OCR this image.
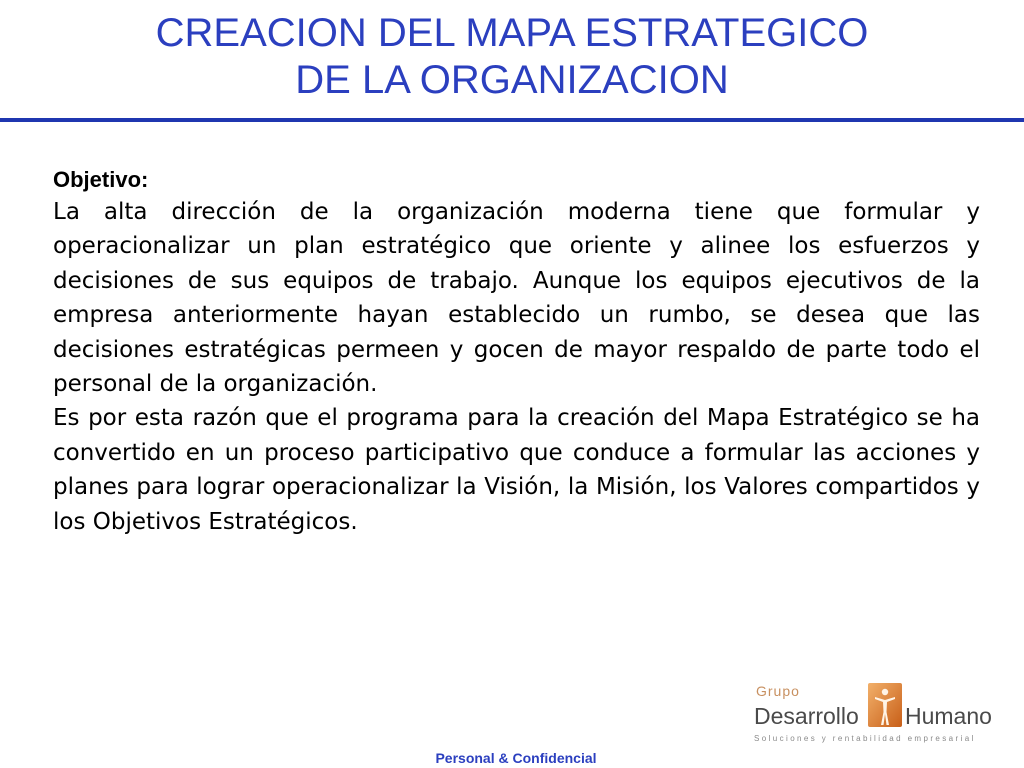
CREACION DEL MAPA ESTRATEGICO
DE LA ORGANIZACION
Objetivo:

La alta dirección de la organización moderna tiene que formular y operacionalizar un plan estratégico que oriente y alinee los esfuerzos y decisiones de sus equipos de trabajo. Aunque los equipos ejecutivos de la empresa anteriormente hayan establecido un rumbo, se desea que las decisiones estratégicas permeen y gocen de mayor respaldo de parte todo el personal de la organización.

Es por esta razón que el programa para la creación del Mapa Estratégico se ha convertido en un proceso participativo que conduce a formular las acciones y planes para lograr operacionalizar la Visión, la Misión, los Valores compartidos y los Objetivos Estratégicos.

Grupo
Desarrollo Humano
Soluciones y rentabilidad empresarial
Personal & Confidencial
